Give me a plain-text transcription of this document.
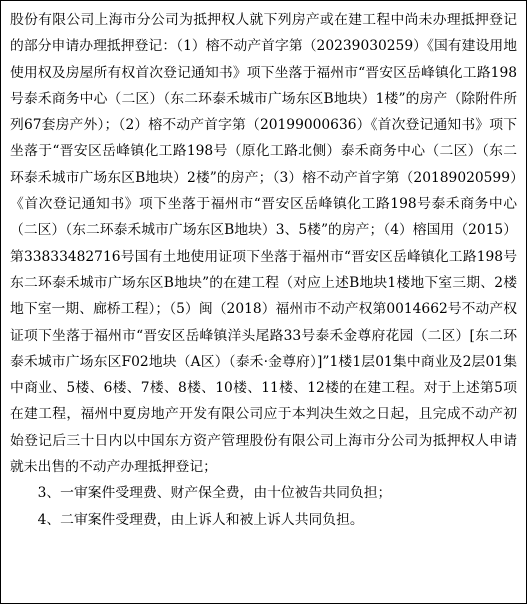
股份有限公司上海市分公司为抵押权人就下列房产或在建工程中尚未办理抵押登记的部分申请办理抵押登记：（1）榕不动产首字第（20239030259）《国有建设用地使用权及房屋所有权首次登记通知书》项下坐落于福州市“晋安区岳峰镇化工路198号泰禾商务中心（二区）（东二环泰禾城市广场东区B地块）1楼”的房产（除附件所列67套房产外）；（2）榕不动产首字第（20199000636）《首次登记通知书》项下坐落于“晋安区岳峰镇化工路198号（原化工路北侧）泰禾商务中心（二区）（东二环泰禾城市广场东区B地块）2楼”的房产；（3）榕不动产首字第（20189020599）《首次登记通知书》项下坐落于福州市“晋安区岳峰镇化工路198号泰禾商务中心（二区）（东二环泰禾城市广场东区B地块）3、5楼”的房产；（4）榕国用（2015）第33833482716号国有土地使用证项下坐落于福州市“晋安区岳峰镇化工路198号东二环泰禾城市广场东区B地块”的在建工程（对应上述B地块1楼地下室三期、2楼地下室一期、廊桥工程）；（5）闽（2018）福州市不动产权第0014662号不动产权证项下坐落于福州市“晋安区岳峰镇洋头尾路33号泰禾金尊府花园（二区）[东二环泰禾城市广场东区F02地块（A区）（泰禾·金尊府）]”1楼1层01集中商业及2层01集中商业、5楼、6楼、7楼、8楼、10楼、11楼、12楼的在建工程。对于上述第5项在建工程，福州中夏房地产开发有限公司应于本判决生效之日起，且完成不动产初始登记后三十日内以中国东方资产管理股份有限公司上海市分公司为抵押权人申请就未出售的不动产办理抵押登记；

3、一审案件受理费、财产保全费，由十位被告共同负担；

4、二审案件受理费，由上诉人和被上诉人共同负担。
